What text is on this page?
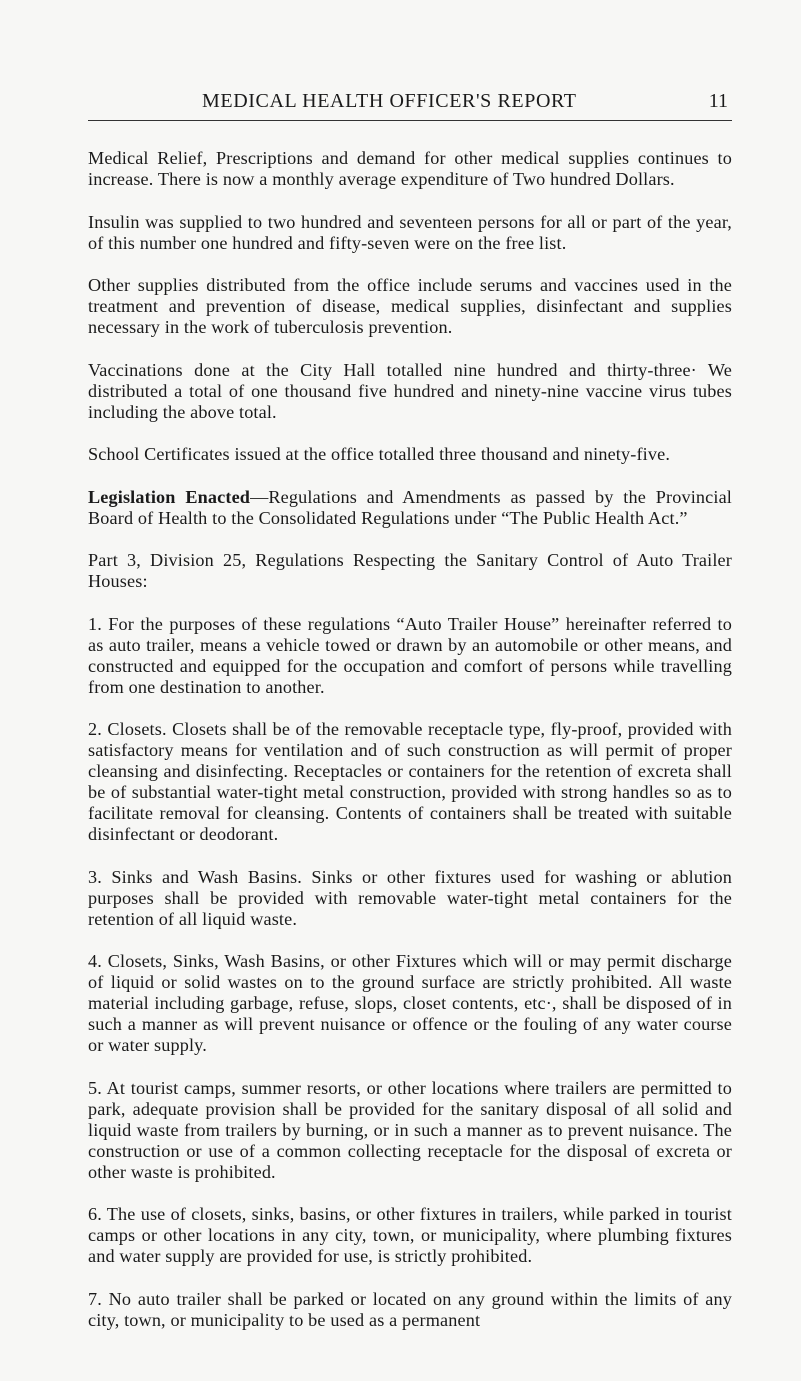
MEDICAL HEALTH OFFICER'S REPORT	11

Medical Relief, Prescriptions and demand for other medical supplies continues to increase. There is now a monthly average expenditure of Two hundred Dollars.

Insulin was supplied to two hundred and seventeen persons for all or part of the year, of this number one hundred and fifty-seven were on the free list.

Other supplies distributed from the office include serums and vaccines used in the treatment and prevention of disease, medical supplies, disinfectant and supplies necessary in the work of tuberculosis prevention.

Vaccinations done at the City Hall totalled nine hundred and thirty-three· We distributed a total of one thousand five hundred and ninety-nine vaccine virus tubes including the above total.

School Certificates issued at the office totalled three thousand and ninety-five.

Legislation Enacted—Regulations and Amendments as passed by the Provincial Board of Health to the Consolidated Regulations under “The Public Health Act.”

Part 3, Division 25, Regulations Respecting the Sanitary Control of Auto Trailer Houses:

1. For the purposes of these regulations “Auto Trailer House” hereinafter referred to as auto trailer, means a vehicle towed or drawn by an automobile or other means, and constructed and equipped for the occupation and comfort of persons while travelling from one destination to another.

2. Closets. Closets shall be of the removable receptacle type, fly-proof, provided with satisfactory means for ventilation and of such construction as will permit of proper cleansing and disinfecting. Receptacles or containers for the retention of excreta shall be of substantial water-tight metal construction, provided with strong handles so as to facilitate removal for cleansing. Contents of containers shall be treated with suitable disinfectant or deodorant.

3. Sinks and Wash Basins. Sinks or other fixtures used for washing or ablution purposes shall be provided with removable water-tight metal containers for the retention of all liquid waste.

4. Closets, Sinks, Wash Basins, or other Fixtures which will or may permit discharge of liquid or solid wastes on to the ground surface are strictly prohibited. All waste material including garbage, refuse, slops, closet contents, etc·, shall be disposed of in such a manner as will prevent nuisance or offence or the fouling of any water course or water supply.

5. At tourist camps, summer resorts, or other locations where trailers are permitted to park, adequate provision shall be provided for the sanitary disposal of all solid and liquid waste from trailers by burning, or in such a manner as to prevent nuisance. The construction or use of a common collecting receptacle for the disposal of excreta or other waste is prohibited.

6. The use of closets, sinks, basins, or other fixtures in trailers, while parked in tourist camps or other locations in any city, town, or municipality, where plumbing fixtures and water supply are provided for use, is strictly prohibited.

7. No auto trailer shall be parked or located on any ground within the limits of any city, town, or municipality to be used as a permanent
